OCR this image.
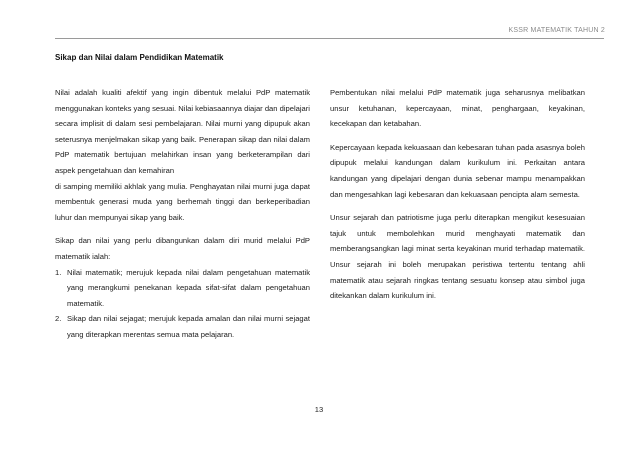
KSSR MATEMATIK TAHUN 2
Sikap dan Nilai dalam Pendidikan Matematik

Nilai adalah kualiti afektif yang ingin dibentuk melalui PdP matematik menggunakan konteks yang sesuai. Nilai kebiasaannya diajar dan dipelajari secara implisit di dalam sesi pembelajaran. Nilai murni yang dipupuk akan seterusnya menjelmakan sikap yang baik. Penerapan sikap dan nilai dalam PdP matematik bertujuan melahirkan insan yang berketerampilan dari aspek pengetahuan dan kemahiran

di samping memiliki akhlak yang mulia. Penghayatan nilai murni juga dapat membentuk generasi muda yang berhemah tinggi dan berkeperibadian luhur dan mempunyai sikap yang baik.

Sikap dan nilai yang perlu dibangunkan dalam diri murid melalui PdP matematik ialah:

1. Nilai matematik; merujuk kepada nilai dalam pengetahuan matematik yang merangkumi penekanan kepada sifat-sifat dalam pengetahuan matematik.
2. Sikap dan nilai sejagat; merujuk kepada amalan dan nilai murni sejagat yang diterapkan merentas semua mata pelajaran.

Pembentukan nilai melalui PdP matematik juga seharusnya melibatkan unsur ketuhanan, kepercayaan, minat, penghargaan, keyakinan, kecekapan dan ketabahan.

Kepercayaan kepada kekuasaan dan kebesaran tuhan pada asasnya boleh dipupuk melalui kandungan dalam kurikulum ini. Perkaitan antara kandungan yang dipelajari dengan dunia sebenar mampu menampakkan dan mengesahkan lagi kebesaran dan kekuasaan pencipta alam semesta.

Unsur sejarah dan patriotisme juga perlu diterapkan mengikut kesesuaian tajuk untuk membolehkan murid menghayati matematik dan memberangsangkan lagi minat serta keyakinan murid terhadap matematik. Unsur sejarah ini boleh merupakan peristiwa tertentu tentang ahli matematik atau sejarah ringkas tentang sesuatu konsep atau simbol juga ditekankan dalam kurikulum ini.

13
